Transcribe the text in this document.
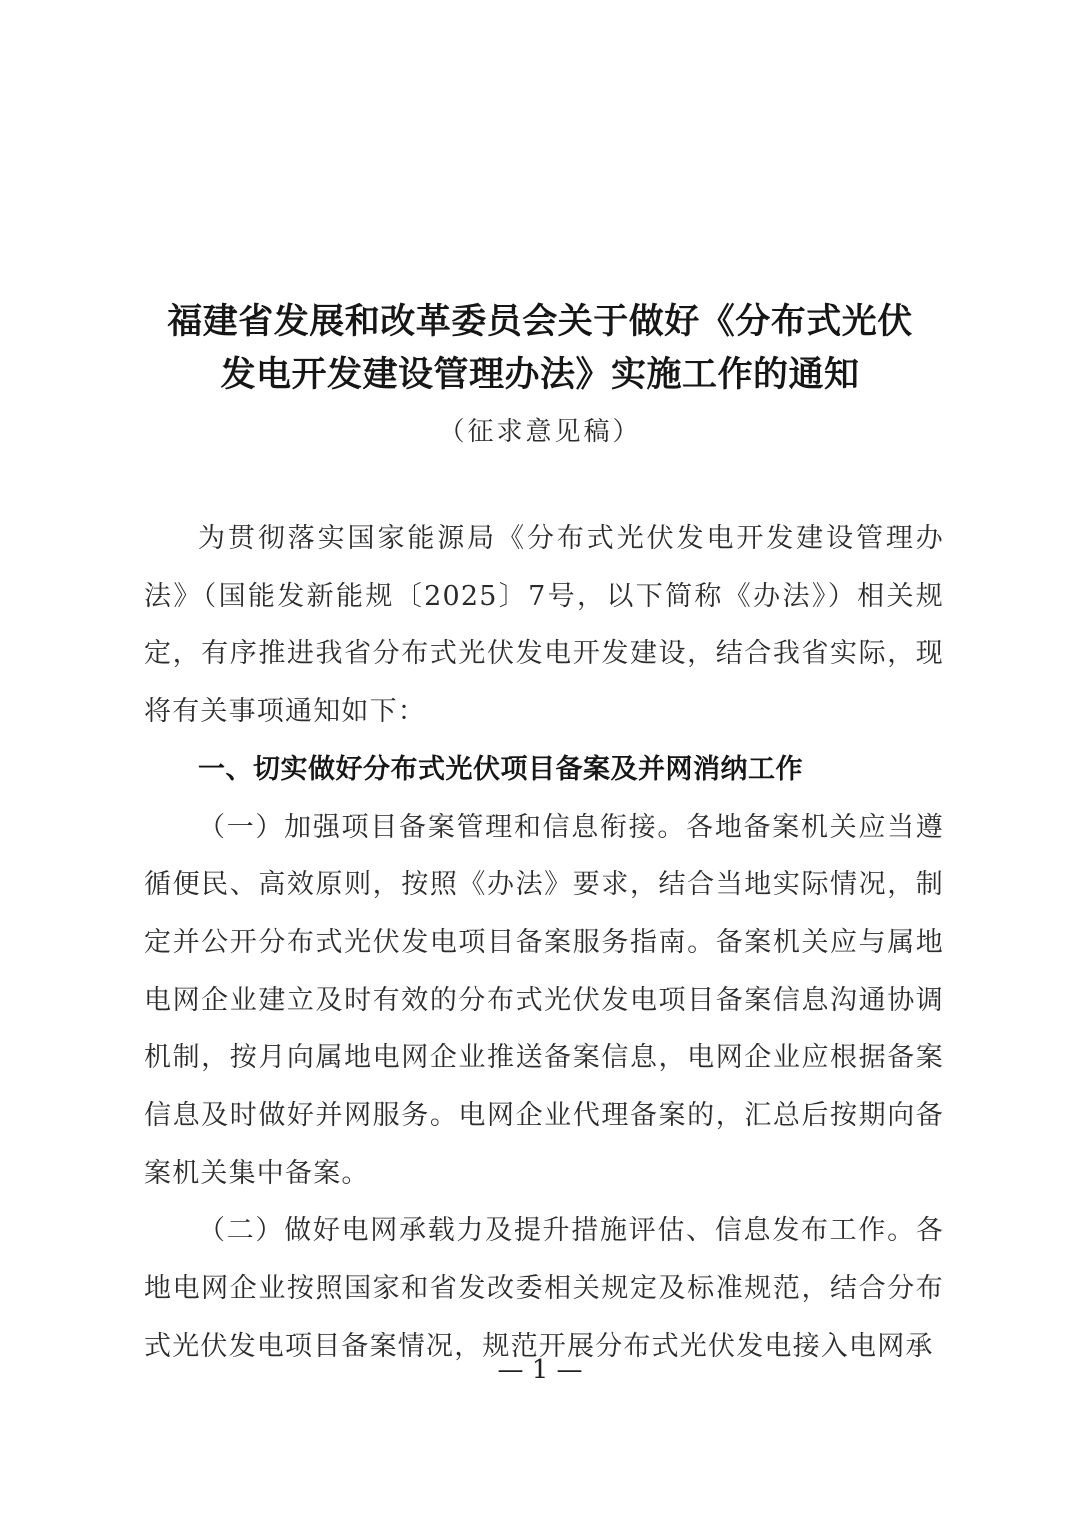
福建省发展和改革委员会关于做好《分布式光伏
发电开发建设管理办法》实施工作的通知
（征求意见稿）

为贯彻落实国家能源局《分布式光伏发电开发建设管理办法》（国能发新能规〔2025〕7号，以下简称《办法》）相关规定，有序推进我省分布式光伏发电开发建设，结合我省实际，现将有关事项通知如下：

一、切实做好分布式光伏项目备案及并网消纳工作

（一）加强项目备案管理和信息衔接。各地备案机关应当遵循便民、高效原则，按照《办法》要求，结合当地实际情况，制定并公开分布式光伏发电项目备案服务指南。备案机关应与属地电网企业建立及时有效的分布式光伏发电项目备案信息沟通协调机制，按月向属地电网企业推送备案信息，电网企业应根据备案信息及时做好并网服务。电网企业代理备案的，汇总后按期向备案机关集中备案。

（二）做好电网承载力及提升措施评估、信息发布工作。各地电网企业按照国家和省发改委相关规定及标准规范，结合分布式光伏发电项目备案情况，规范开展分布式光伏发电接入电网承

— 1 —
